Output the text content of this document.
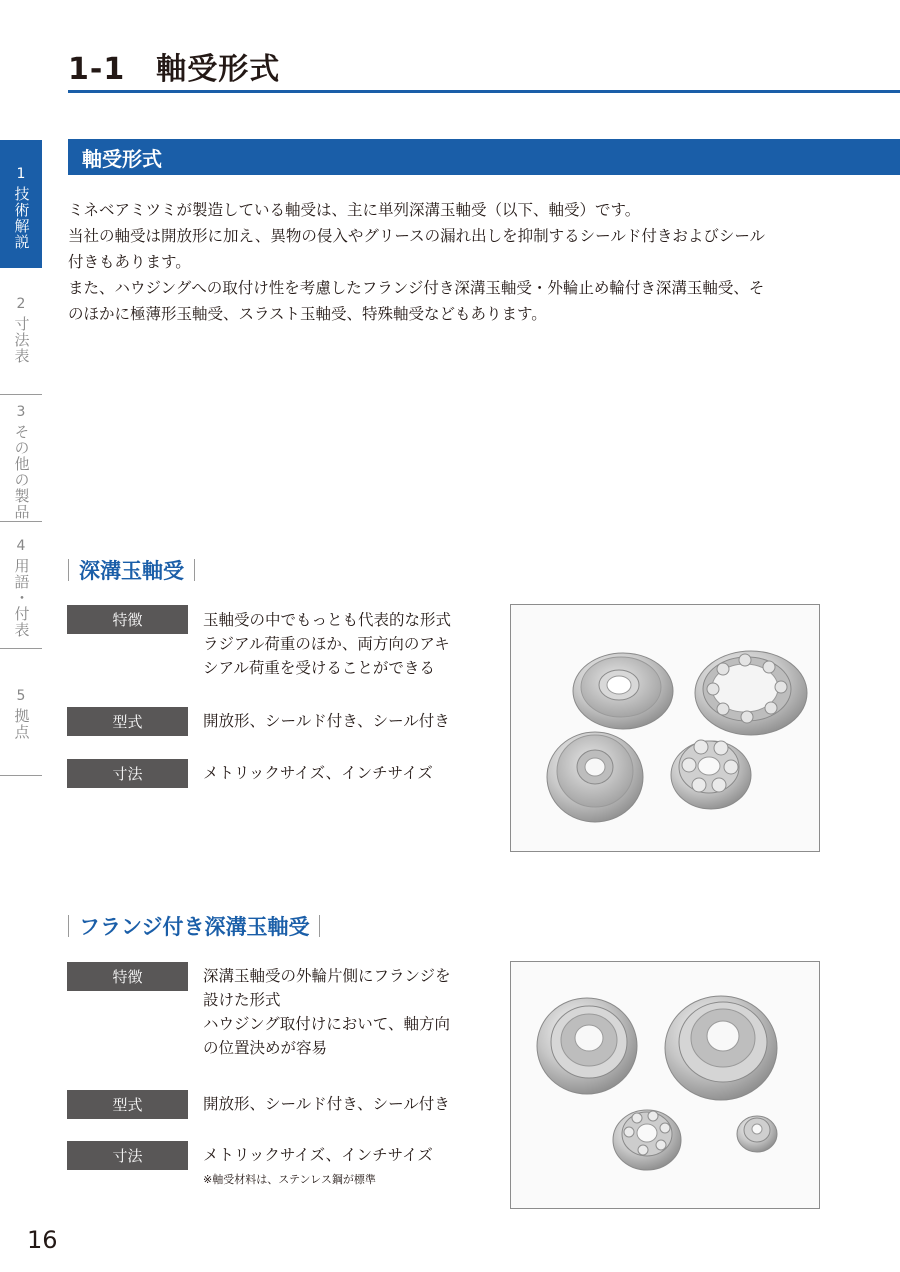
1-1　軸受形式
1
技術解説
2
寸法表
3
その他の製品
4
用語・付表
5
拠点
軸受形式

ミネベアミツミが製造している軸受は、主に単列深溝玉軸受（以下、軸受）です。

当社の軸受は開放形に加え、異物の侵入やグリースの漏れ出しを抑制するシールド付きおよびシール

付きもあります。

また、ハウジングへの取付け性を考慮したフランジ付き深溝玉軸受・外輪止め輪付き深溝玉軸受、そ

のほかに極薄形玉軸受、スラスト玉軸受、特殊軸受などもあります。

深溝玉軸受
特徴	玉軸受の中でもっとも代表的な形式
ラジアル荷重のほか、両方向のアキ
シアル荷重を受けることができる
型式	開放形、シールド付き、シール付き
寸法	メトリックサイズ、インチサイズ
フランジ付き深溝玉軸受
特徴	深溝玉軸受の外輪片側にフランジを
設けた形式
ハウジング取付けにおいて、軸方向
の位置決めが容易
型式	開放形、シールド付き、シール付き
寸法	メトリックサイズ、インチサイズ
※軸受材料は、ステンレス鋼が標準
16
